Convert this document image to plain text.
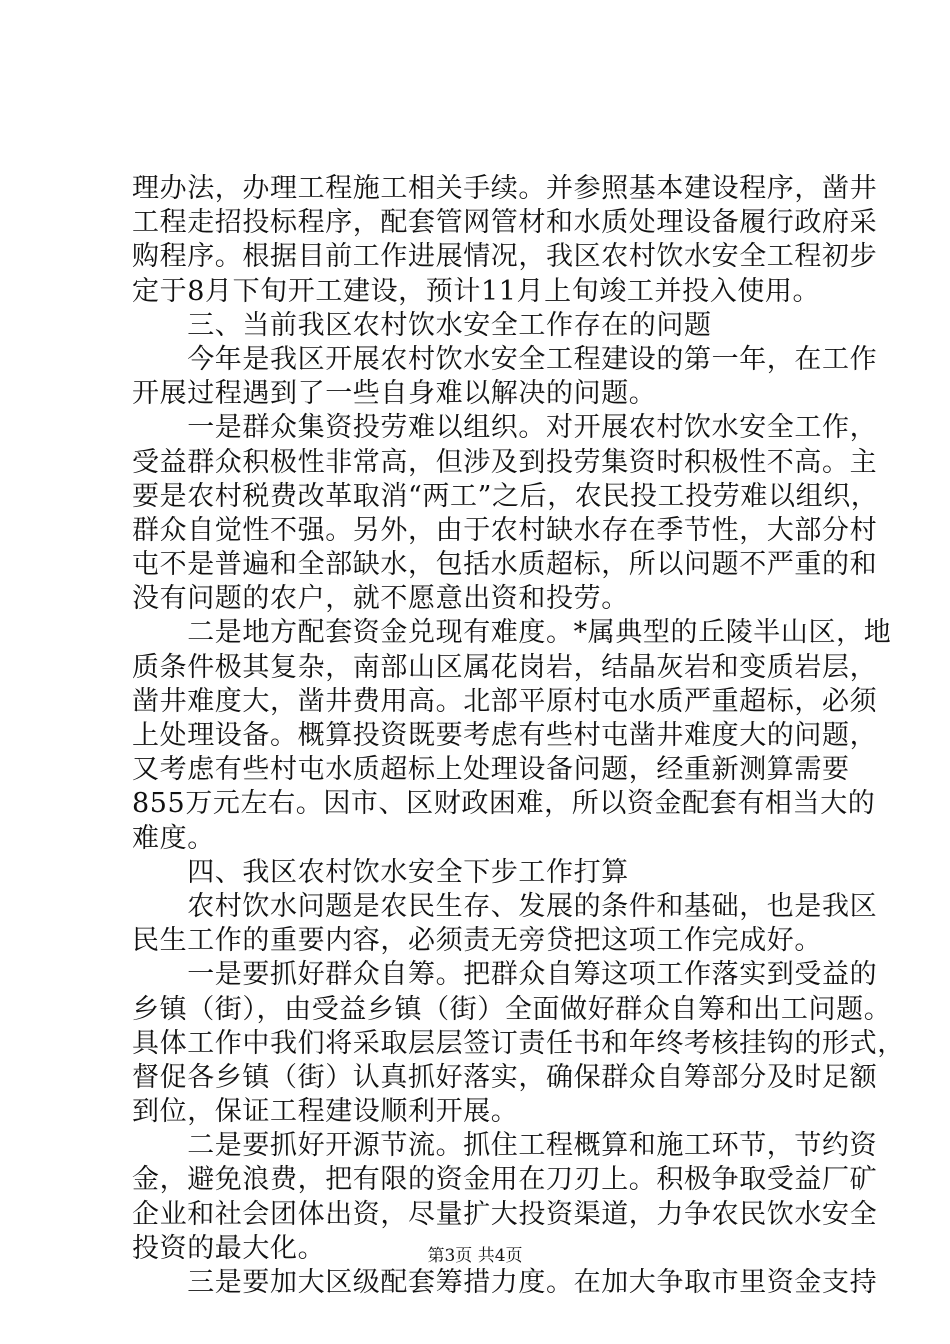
理办法，办理工程施工相关手续。并参照基本建设程序，凿井
工程走招投标程序，配套管网管材和水质处理设备履行政府采
购程序。根据目前工作进展情况，我区农村饮水安全工程初步
定于8月下旬开工建设，预计11月上旬竣工并投入使用。
　　三、当前我区农村饮水安全工作存在的问题
　　今年是我区开展农村饮水安全工程建设的第一年，在工作
开展过程遇到了一些自身难以解决的问题。
　　一是群众集资投劳难以组织。对开展农村饮水安全工作，
受益群众积极性非常高，但涉及到投劳集资时积极性不高。主
要是农村税费改革取消“两工”之后，农民投工投劳难以组织，
群众自觉性不强。另外，由于农村缺水存在季节性，大部分村
屯不是普遍和全部缺水，包括水质超标，所以问题不严重的和
没有问题的农户，就不愿意出资和投劳。
　　二是地方配套资金兑现有难度。*属典型的丘陵半山区，地
质条件极其复杂，南部山区属花岗岩，结晶灰岩和变质岩层，
凿井难度大，凿井费用高。北部平原村屯水质严重超标，必须
上处理设备。概算投资既要考虑有些村屯凿井难度大的问题，
又考虑有些村屯水质超标上处理设备问题，经重新测算需要
855万元左右。因市、区财政困难，所以资金配套有相当大的
难度。
　　四、我区农村饮水安全下步工作打算
　　农村饮水问题是农民生存、发展的条件和基础，也是我区
民生工作的重要内容，必须责无旁贷把这项工作完成好。
　　一是要抓好群众自筹。把群众自筹这项工作落实到受益的
乡镇（街），由受益乡镇（街）全面做好群众自筹和出工问题。
具体工作中我们将采取层层签订责任书和年终考核挂钩的形式，
督促各乡镇（街）认真抓好落实，确保群众自筹部分及时足额
到位，保证工程建设顺利开展。
　　二是要抓好开源节流。抓住工程概算和施工环节，节约资
金，避免浪费，把有限的资金用在刀刃上。积极争取受益厂矿
企业和社会团体出资，尽量扩大投资渠道，力争农民饮水安全
投资的最大化。
　　三是要加大区级配套筹措力度。在加大争取市里资金支持
第3页 共4页
